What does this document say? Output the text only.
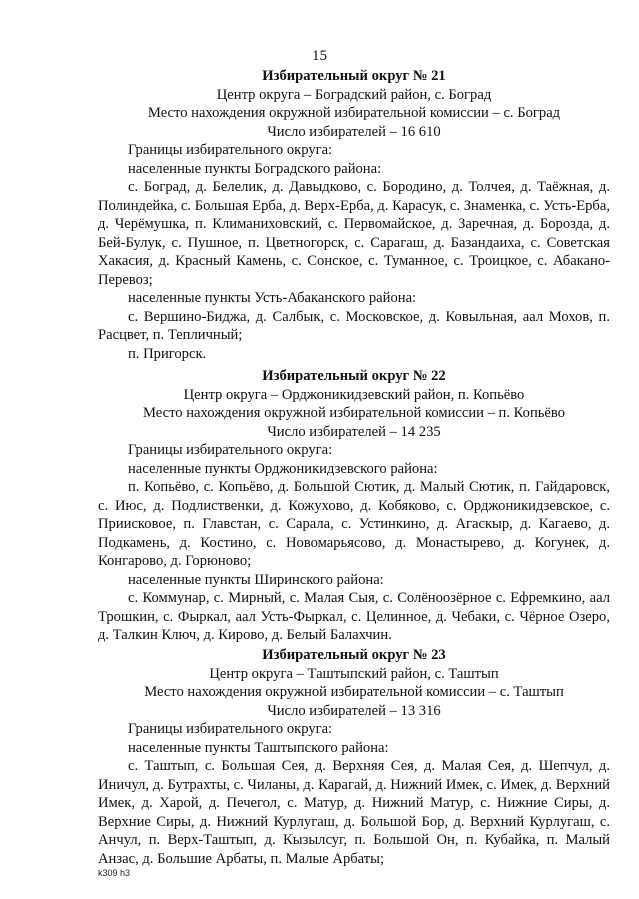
15
Избирательный округ № 21
Центр округа – Боградский район, с. Боград
Место нахождения окружной избирательной комиссии – с. Боград
Число избирателей – 16 610
Границы избирательного округа:
населенные пункты Боградского района:

с. Боград, д. Белелик, д. Давыдково, с. Бородино, д. Толчея, д. Таёжная, д. Полиндейка, с. Большая Ерба, д. Верх-Ерба, д. Карасук, с. Знаменка, с. Усть-Ерба, д. Черёмушка, п. Климаниховский, с. Первомайское, д. Заречная, д. Борозда, д. Бей-Булук, с. Пушное, п. Цветногорск, с. Сарагаш, д. Базандаиха, с. Советская Хакасия, д. Красный Камень, с. Сонское, с. Туманное, с. Троицкое, с. Абакано-Перевоз;

населенные пункты Усть-Абаканского района:

с. Вершино-Биджа, д. Салбык, с. Московское, д. Ковыльная, аал Мохов, п. Расцвет, п. Тепличный;

п. Пригорск.

Избирательный округ № 22
Центр округа – Орджоникидзевский район, п. Копьёво
Место нахождения окружной избирательной комиссии – п. Копьёво
Число избирателей – 14 235
Границы избирательного округа:
населенные пункты Орджоникидзевского района:

п. Копьёво, с. Копьёво, д. Большой Сютик, д. Малый Сютик, п. Гайдаровск, с. Июс, д. Подлиственки, д. Кожухово, д. Кобяково, с. Орджоникидзевское, с. Приисковое, п. Главстан, с. Сарала, с. Устинкино, д. Агаскыр, д. Кагаево, д. Подкамень, д. Костино, с. Новомарьясово, д. Монастырево, д. Когунек, д. Конгарово, д. Горюново;

населенные пункты Ширинского района:

с. Коммунар, с. Мирный, с. Малая Сыя, с. Солёноозёрное с. Ефремкино, аал Трошкин, с. Фыркал, аал Усть-Фыркал, с. Целинное, д. Чебаки, с. Чёрное Озеро, д. Талкин Ключ, д. Кирово, д. Белый Балахчин.

Избирательный округ № 23
Центр округа – Таштыпский район, с. Таштып
Место нахождения окружной избирательной комиссии – с. Таштып
Число избирателей – 13 316
Границы избирательного округа:
населенные пункты Таштыпского района:

с. Таштып, с. Большая Сея, д. Верхняя Сея, д. Малая Сея, д. Шепчул, д. Иничул, д. Бутрахты, с. Чиланы, д. Карагай, д. Нижний Имек, с. Имек, д. Верхний Имек, д. Харой, д. Печегол, с. Матур, д. Нижний Матур, с. Нижние Сиры, д. Верхние Сиры, д. Нижний Курлугаш, д. Большой Бор, д. Верхний Курлугаш, с. Анчул, п. Верх-Таштып, д. Кызылсуг, п. Большой Он, п. Кубайка, п. Малый Анзас, д. Большие Арбаты, п. Малые Арбаты;

k309 h3
